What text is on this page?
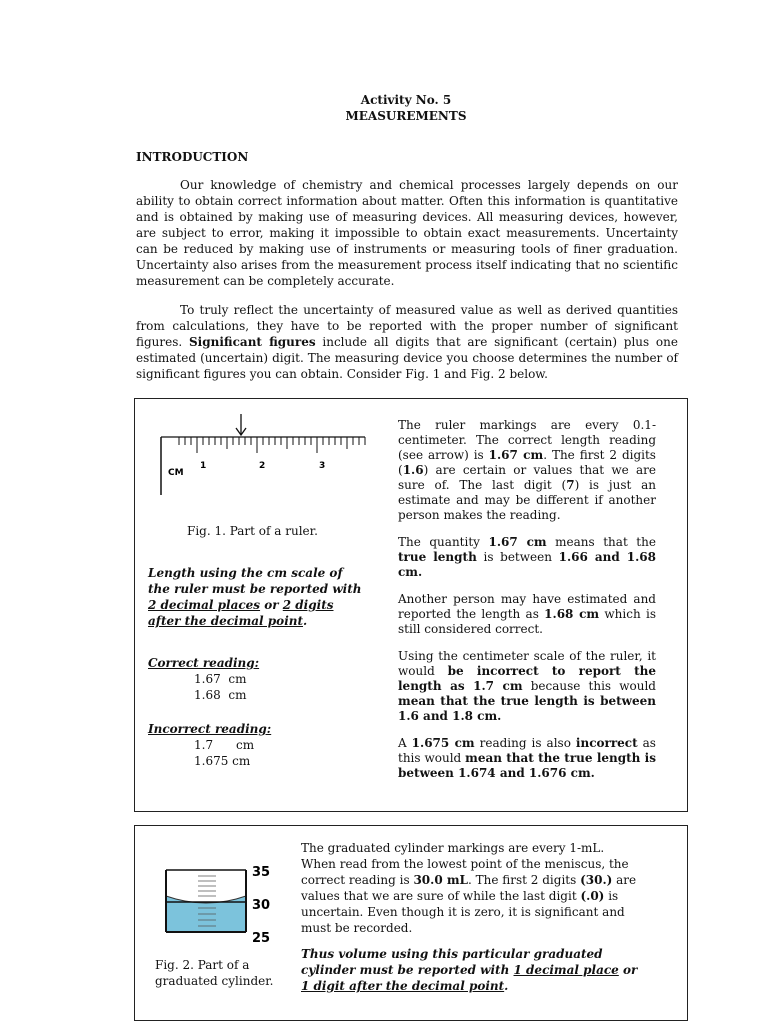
Activity No. 5
MEASUREMENTS
INTRODUCTION
Our knowledge of chemistry and chemical processes largely depends on our ability to obtain correct information about matter. Often this information is quantitative and is obtained by making use of measuring devices. All measuring devices, however, are subject to error, making it impossible to obtain exact measurements. Uncertainty can be reduced by making use of instruments or measuring tools of finer graduation. Uncertainty also arises from the measurement process itself indicating that no scientific measurement can be completely accurate.
To truly reflect the uncertainty of measured value as well as derived quantities from calculations, they have to be reported with the proper number of significant figures. Significant figures include all digits that are significant (certain) plus one estimated (uncertain) digit. The measuring device you choose determines the number of significant figures you can obtain. Consider Fig. 1 and Fig. 2 below.
CM
1	2	3
Fig. 1. Part of a ruler.
Length using the cm scale of the ruler must be reported with 2 decimal places or 2 digits after the decimal point.
Correct reading:
1.67  cm
1.68  cm
Incorrect reading:
1.7      cm
1.675 cm

The ruler markings are every 0.1-centimeter. The correct length reading (see arrow) is 1.67 cm. The first 2 digits (1.6) are certain or values that we are sure of. The last digit (7) is just an estimate and may be different if another person makes the reading.

The quantity 1.67 cm means that the true length is between 1.66 and 1.68 cm.

Another person may have estimated and reported the length as 1.68 cm which is still considered correct.

Using the centimeter scale of the ruler, it would be incorrect to report the length as 1.7 cm because this would mean that the true length is between 1.6 and 1.8 cm.

A 1.675 cm reading is also incorrect as this would mean that the true length is between 1.674 and 1.676 cm.

35
30
25
Fig. 2. Part of a
graduated cylinder.
The graduated cylinder markings are every 1-mL. When read from the lowest point of the meniscus, the correct reading is 30.0 mL. The first 2 digits (30.) are values that we are sure of while the last digit (.0) is uncertain. Even though it is zero, it is significant and must be recorded.
Thus volume using this particular graduated cylinder must be reported with 1 decimal place or 1 digit after the decimal point.
